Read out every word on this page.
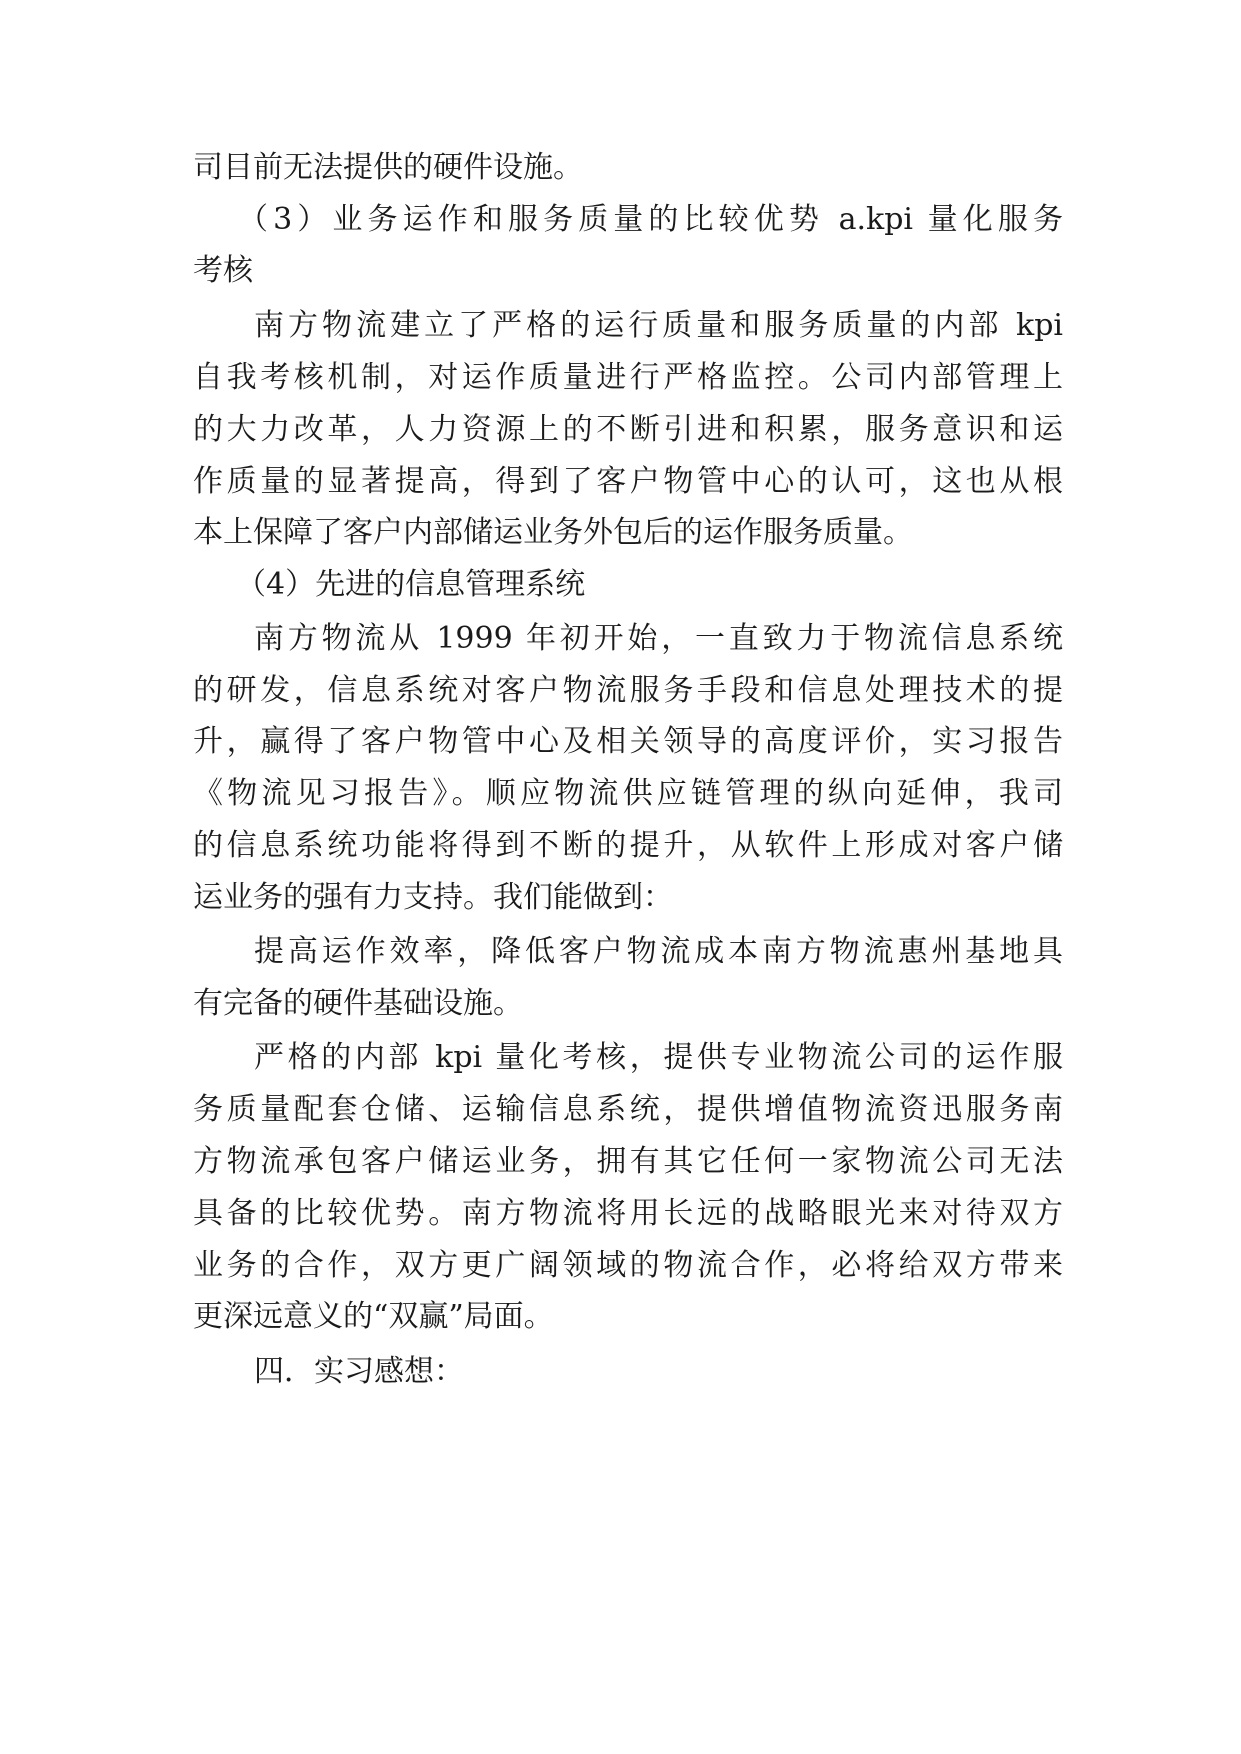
司目前无法提供的硬件设施。
（3）业务运作和服务质量的比较优势 a.kpi 量化服务
考核
南方物流建立了严格的运行质量和服务质量的内部 kpi
自我考核机制，对运作质量进行严格监控。公司内部管理上
的大力改革，人力资源上的不断引进和积累，服务意识和运
作质量的显著提高，得到了客户物管中心的认可，这也从根
本上保障了客户内部储运业务外包后的运作服务质量。
（4）先进的信息管理系统
南方物流从 1999 年初开始，一直致力于物流信息系统
的研发，信息系统对客户物流服务手段和信息处理技术的提
升，赢得了客户物管中心及相关领导的高度评价，实习报告
《物流见习报告》。顺应物流供应链管理的纵向延伸，我司
的信息系统功能将得到不断的提升，从软件上形成对客户储
运业务的强有力支持。我们能做到：
提高运作效率，降低客户物流成本南方物流惠州基地具
有完备的硬件基础设施。
严格的内部 kpi 量化考核，提供专业物流公司的运作服
务质量配套仓储、运输信息系统，提供增值物流资迅服务南
方物流承包客户储运业务，拥有其它任何一家物流公司无法
具备的比较优势。南方物流将用长远的战略眼光来对待双方
业务的合作，双方更广阔领域的物流合作，必将给双方带来
更深远意义的“双赢”局面。
四．实习感想：
